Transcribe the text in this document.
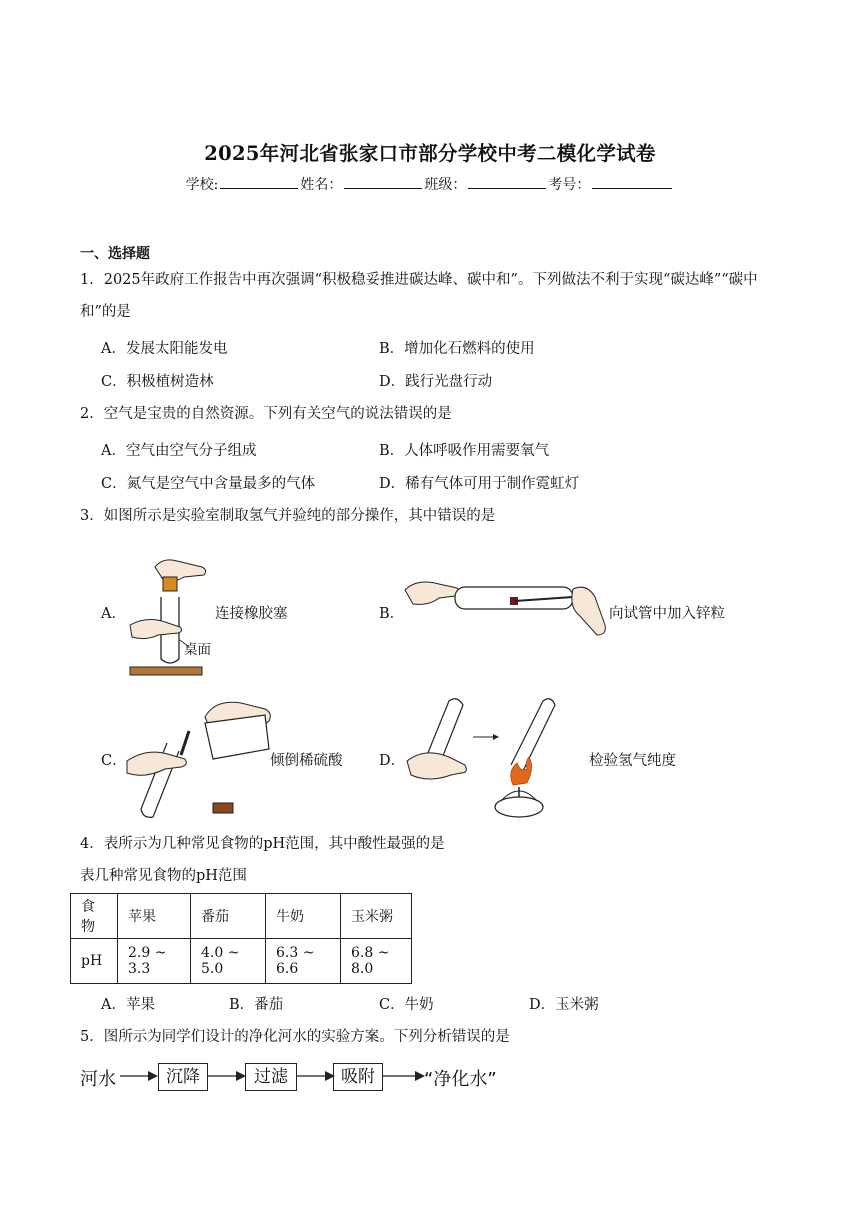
2025年河北省张家口市部分学校中考二模化学试卷
学校:	姓名：	班级：	考号：
一、选择题
1．2025年政府工作报告中再次强调“积极稳妥推进碳达峰、碳中和”。下列做法不利于实现“碳达峰”“碳中
和”的是
A．发展太阳能发电	B．增加化石燃料的使用
C．积极植树造林	D．践行光盘行动
2．空气是宝贵的自然资源。下列有关空气的说法错误的是
A．空气由空气分子组成	B．人体呼吸作用需要氧气
C．氮气是空气中含量最多的气体	D．稀有气体可用于制作霓虹灯
3．如图所示是实验室制取氢气并验纯的部分操作，其中错误的是
A．	连接橡胶塞
桌面
B．	向试管中加入锌粒
C．	倾倒稀硫酸	D．	检验氢气纯度
4．表所示为几种常见食物的pH范围，其中酸性最强的是
表几种常见食物的pH范围
食物	苹果	番茄	牛奶	玉米粥
pH	2.9 ~ 3.3	4.0 ~ 5.0	6.3 ~ 6.6	6.8 ~ 8.0
A．苹果	B．番茄	C．牛奶	D．玉米粥
5．图所示为同学们设计的净化河水的实验方案。下列分析错误的是
河水	沉降	过滤	吸附	“净化水”
